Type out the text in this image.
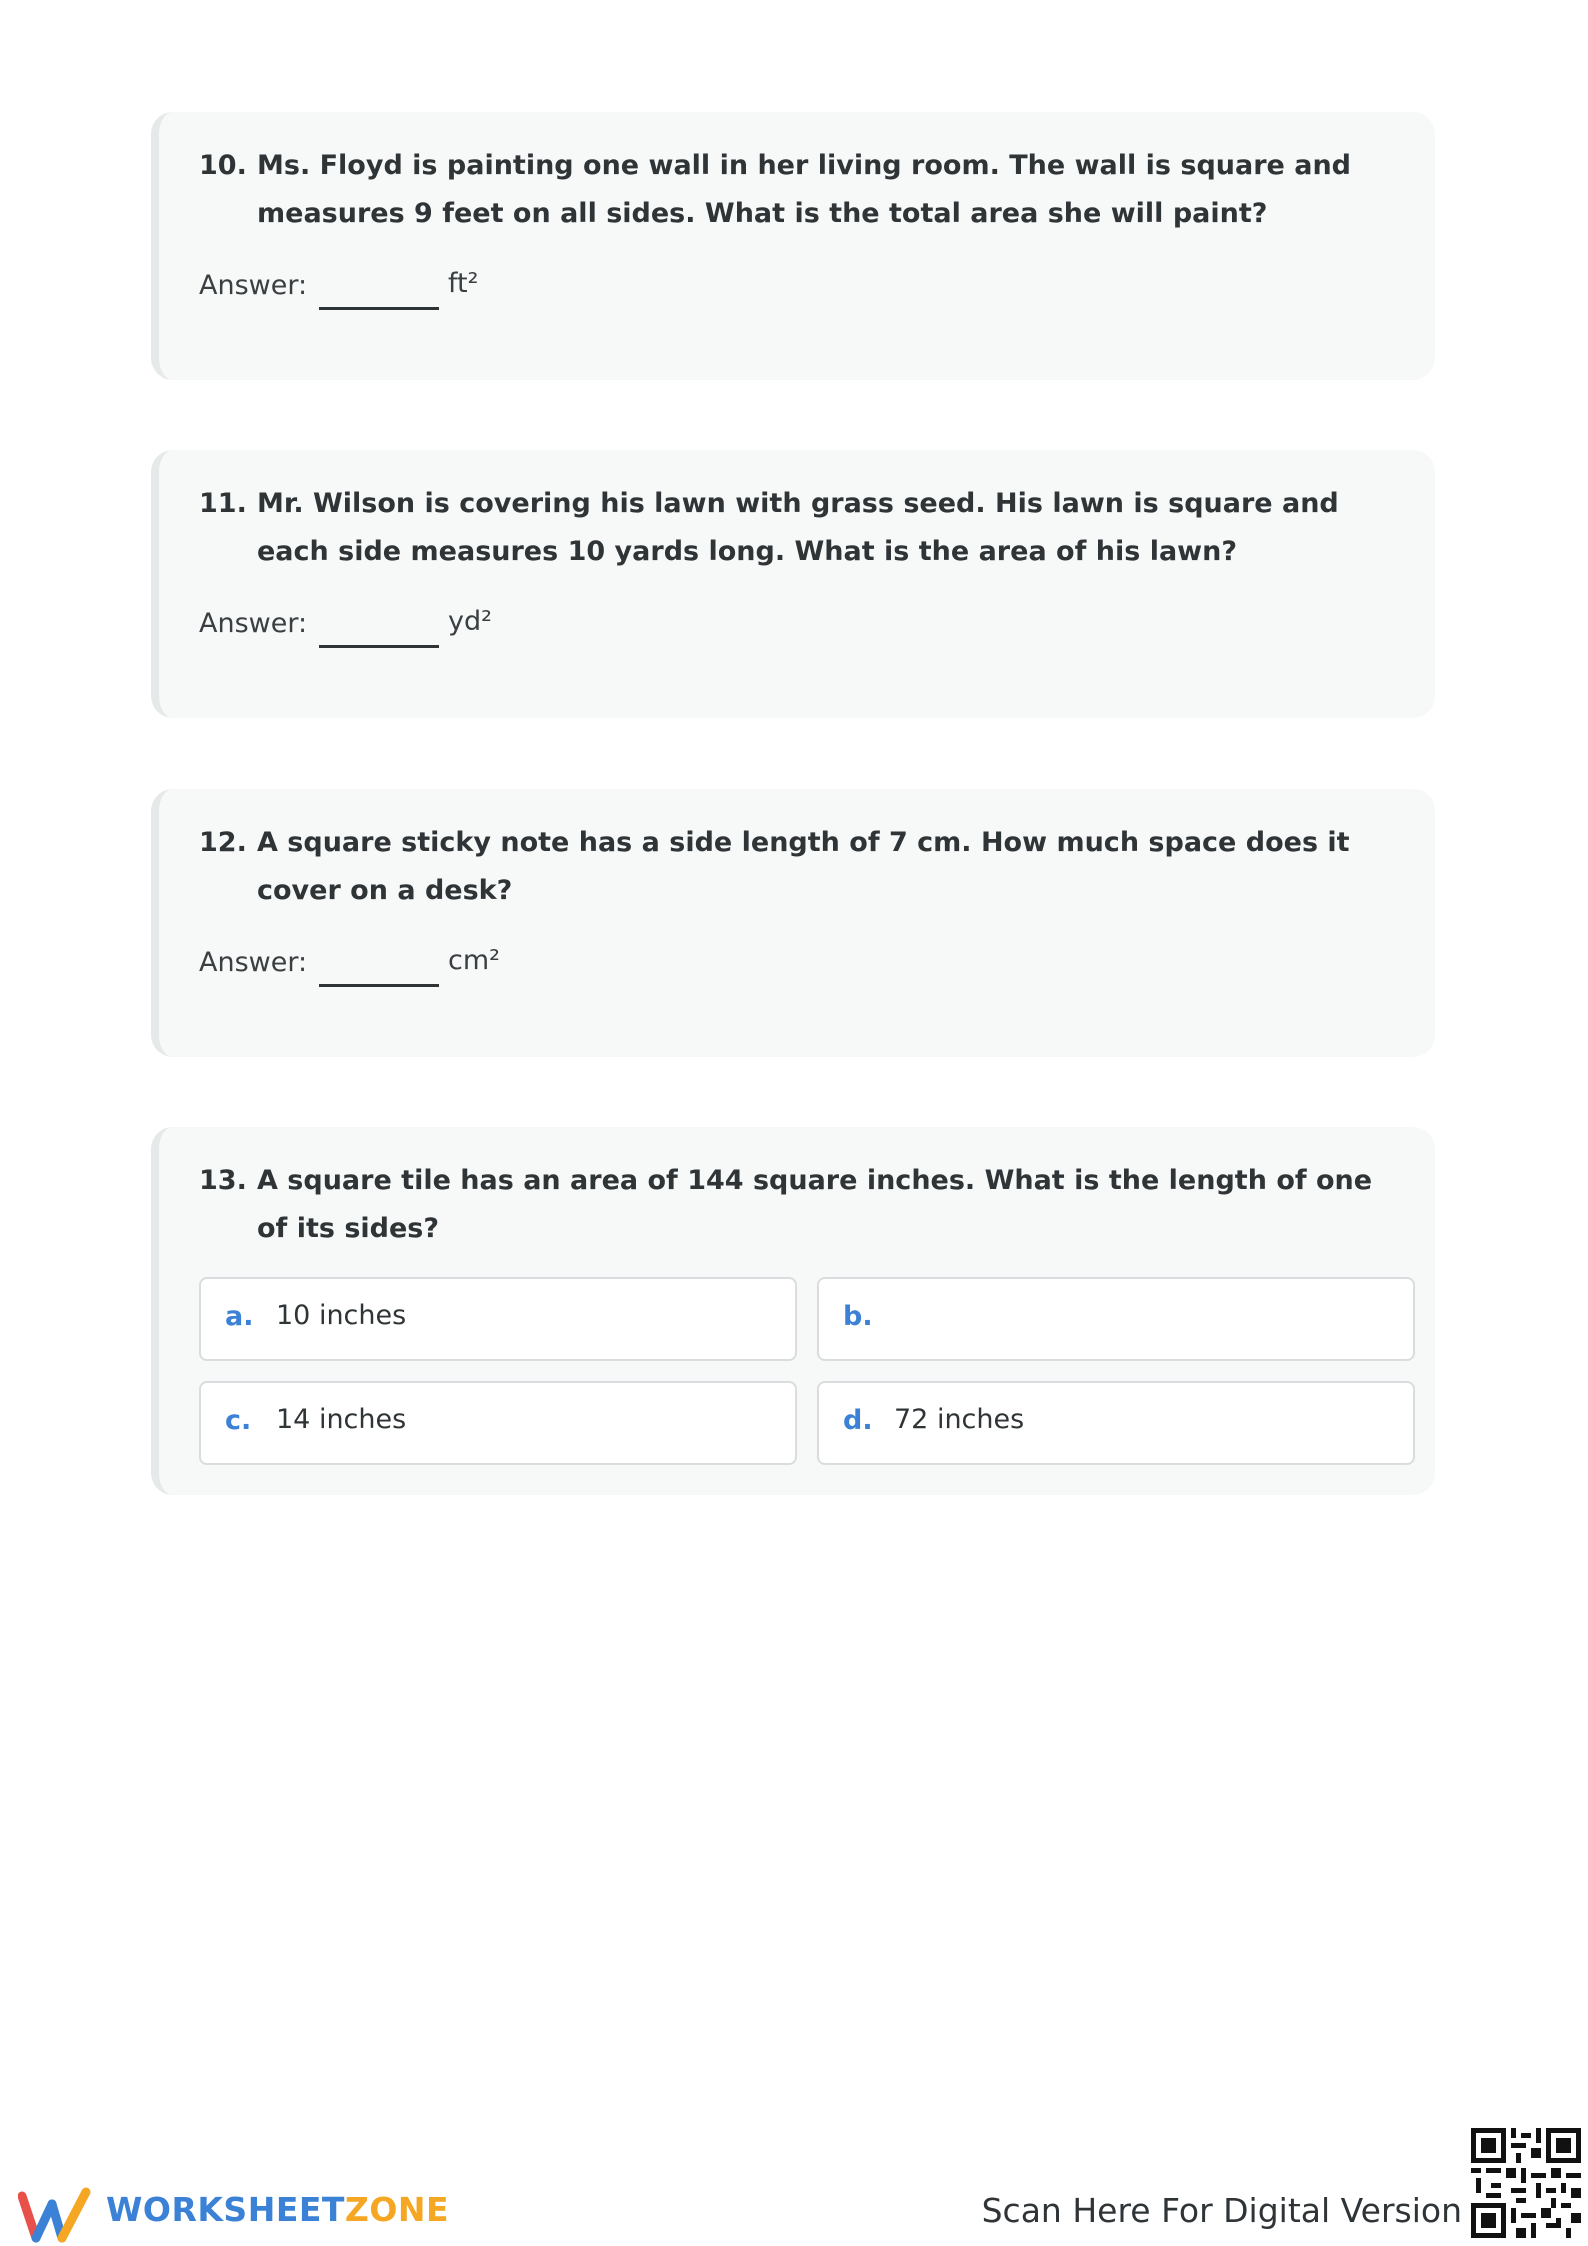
10. Ms. Floyd is painting one wall in her living room. The wall is square and measures 9 feet on all sides. What is the total area she will paint?
Answer:	ft²
11. Mr. Wilson is covering his lawn with grass seed. His lawn is square and each side measures 10 yards long. What is the area of his lawn?
Answer:	yd²
12. A square sticky note has a side length of 7 cm. How much space does it cover on a desk?
Answer:	cm²
13. A square tile has an area of 144 square inches. What is the length of one of its sides?
a. 10 inches	b.
c. 14 inches	d. 72 inches
WORKSHEETZONE	Scan Here For Digital Version
